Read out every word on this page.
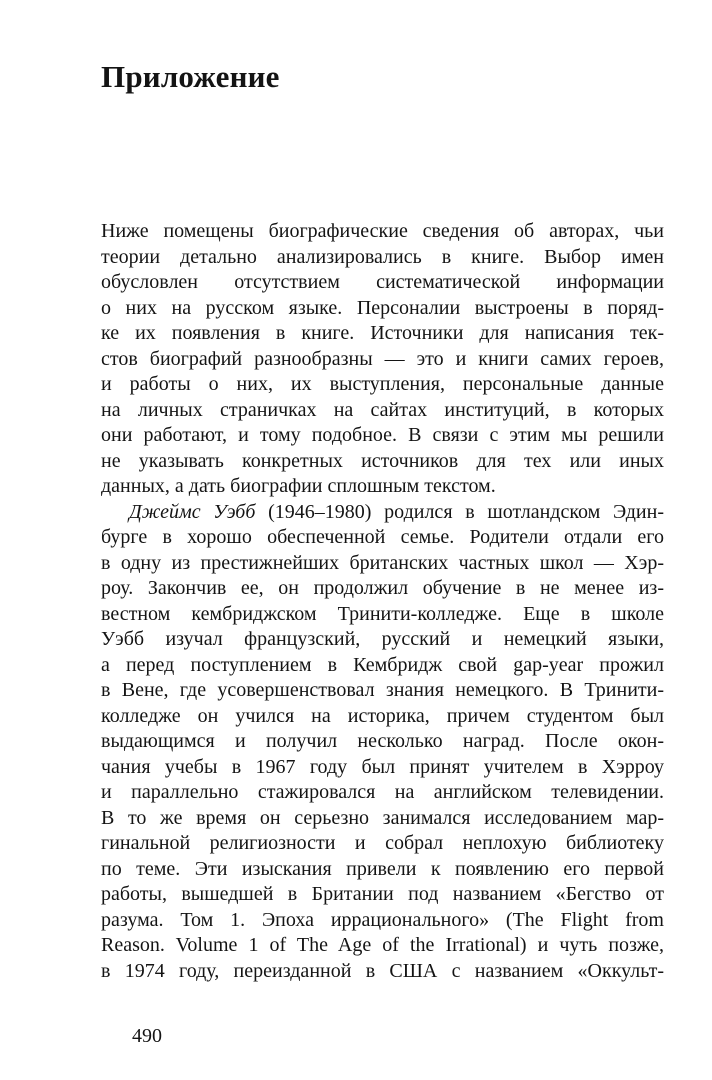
Приложение
Ниже помещены биографические сведения об авторах, чьи
теории детально анализировались в книге. Выбор имен
обусловлен отсутствием систематической информации
о них на русском языке. Персоналии выстроены в поряд-
ке их появления в книге. Источники для написания тек-
стов биографий разнообразны — это и книги самих героев,
и работы о них, их выступления, персональные данные
на личных страничках на сайтах институций, в которых
они работают, и тому подобное. В связи с этим мы решили
не указывать конкретных источников для тех или иных
данных, а дать биографии сплошным текстом.
Джеймс Уэбб (1946–1980) родился в шотландском Эдин-
бурге в хорошо обеспеченной семье. Родители отдали его
в одну из престижнейших британских частных школ — Хэр-
роу. Закончив ее, он продолжил обучение в не менее из-
вестном кембриджском Тринити-колледже. Еще в школе
Уэбб изучал французский, русский и немецкий языки,
а перед поступлением в Кембридж свой gap-year прожил
в Вене, где усовершенствовал знания немецкого. В Тринити-
колледже он учился на историка, причем студентом был
выдающимся и получил несколько наград. После окон-
чания учебы в 1967 году был принят учителем в Хэрроу
и параллельно стажировался на английском телевидении.
В то же время он серьезно занимался исследованием мар-
гинальной религиозности и собрал неплохую библиотеку
по теме. Эти изыскания привели к появлению его первой
работы, вышедшей в Британии под названием «Бегство от
разума. Том 1. Эпоха иррационального» (The Flight from
Reason. Volume 1 of The Age of the Irrational) и чуть позже,
в 1974 году, переизданной в США с названием «Оккульт-
490
